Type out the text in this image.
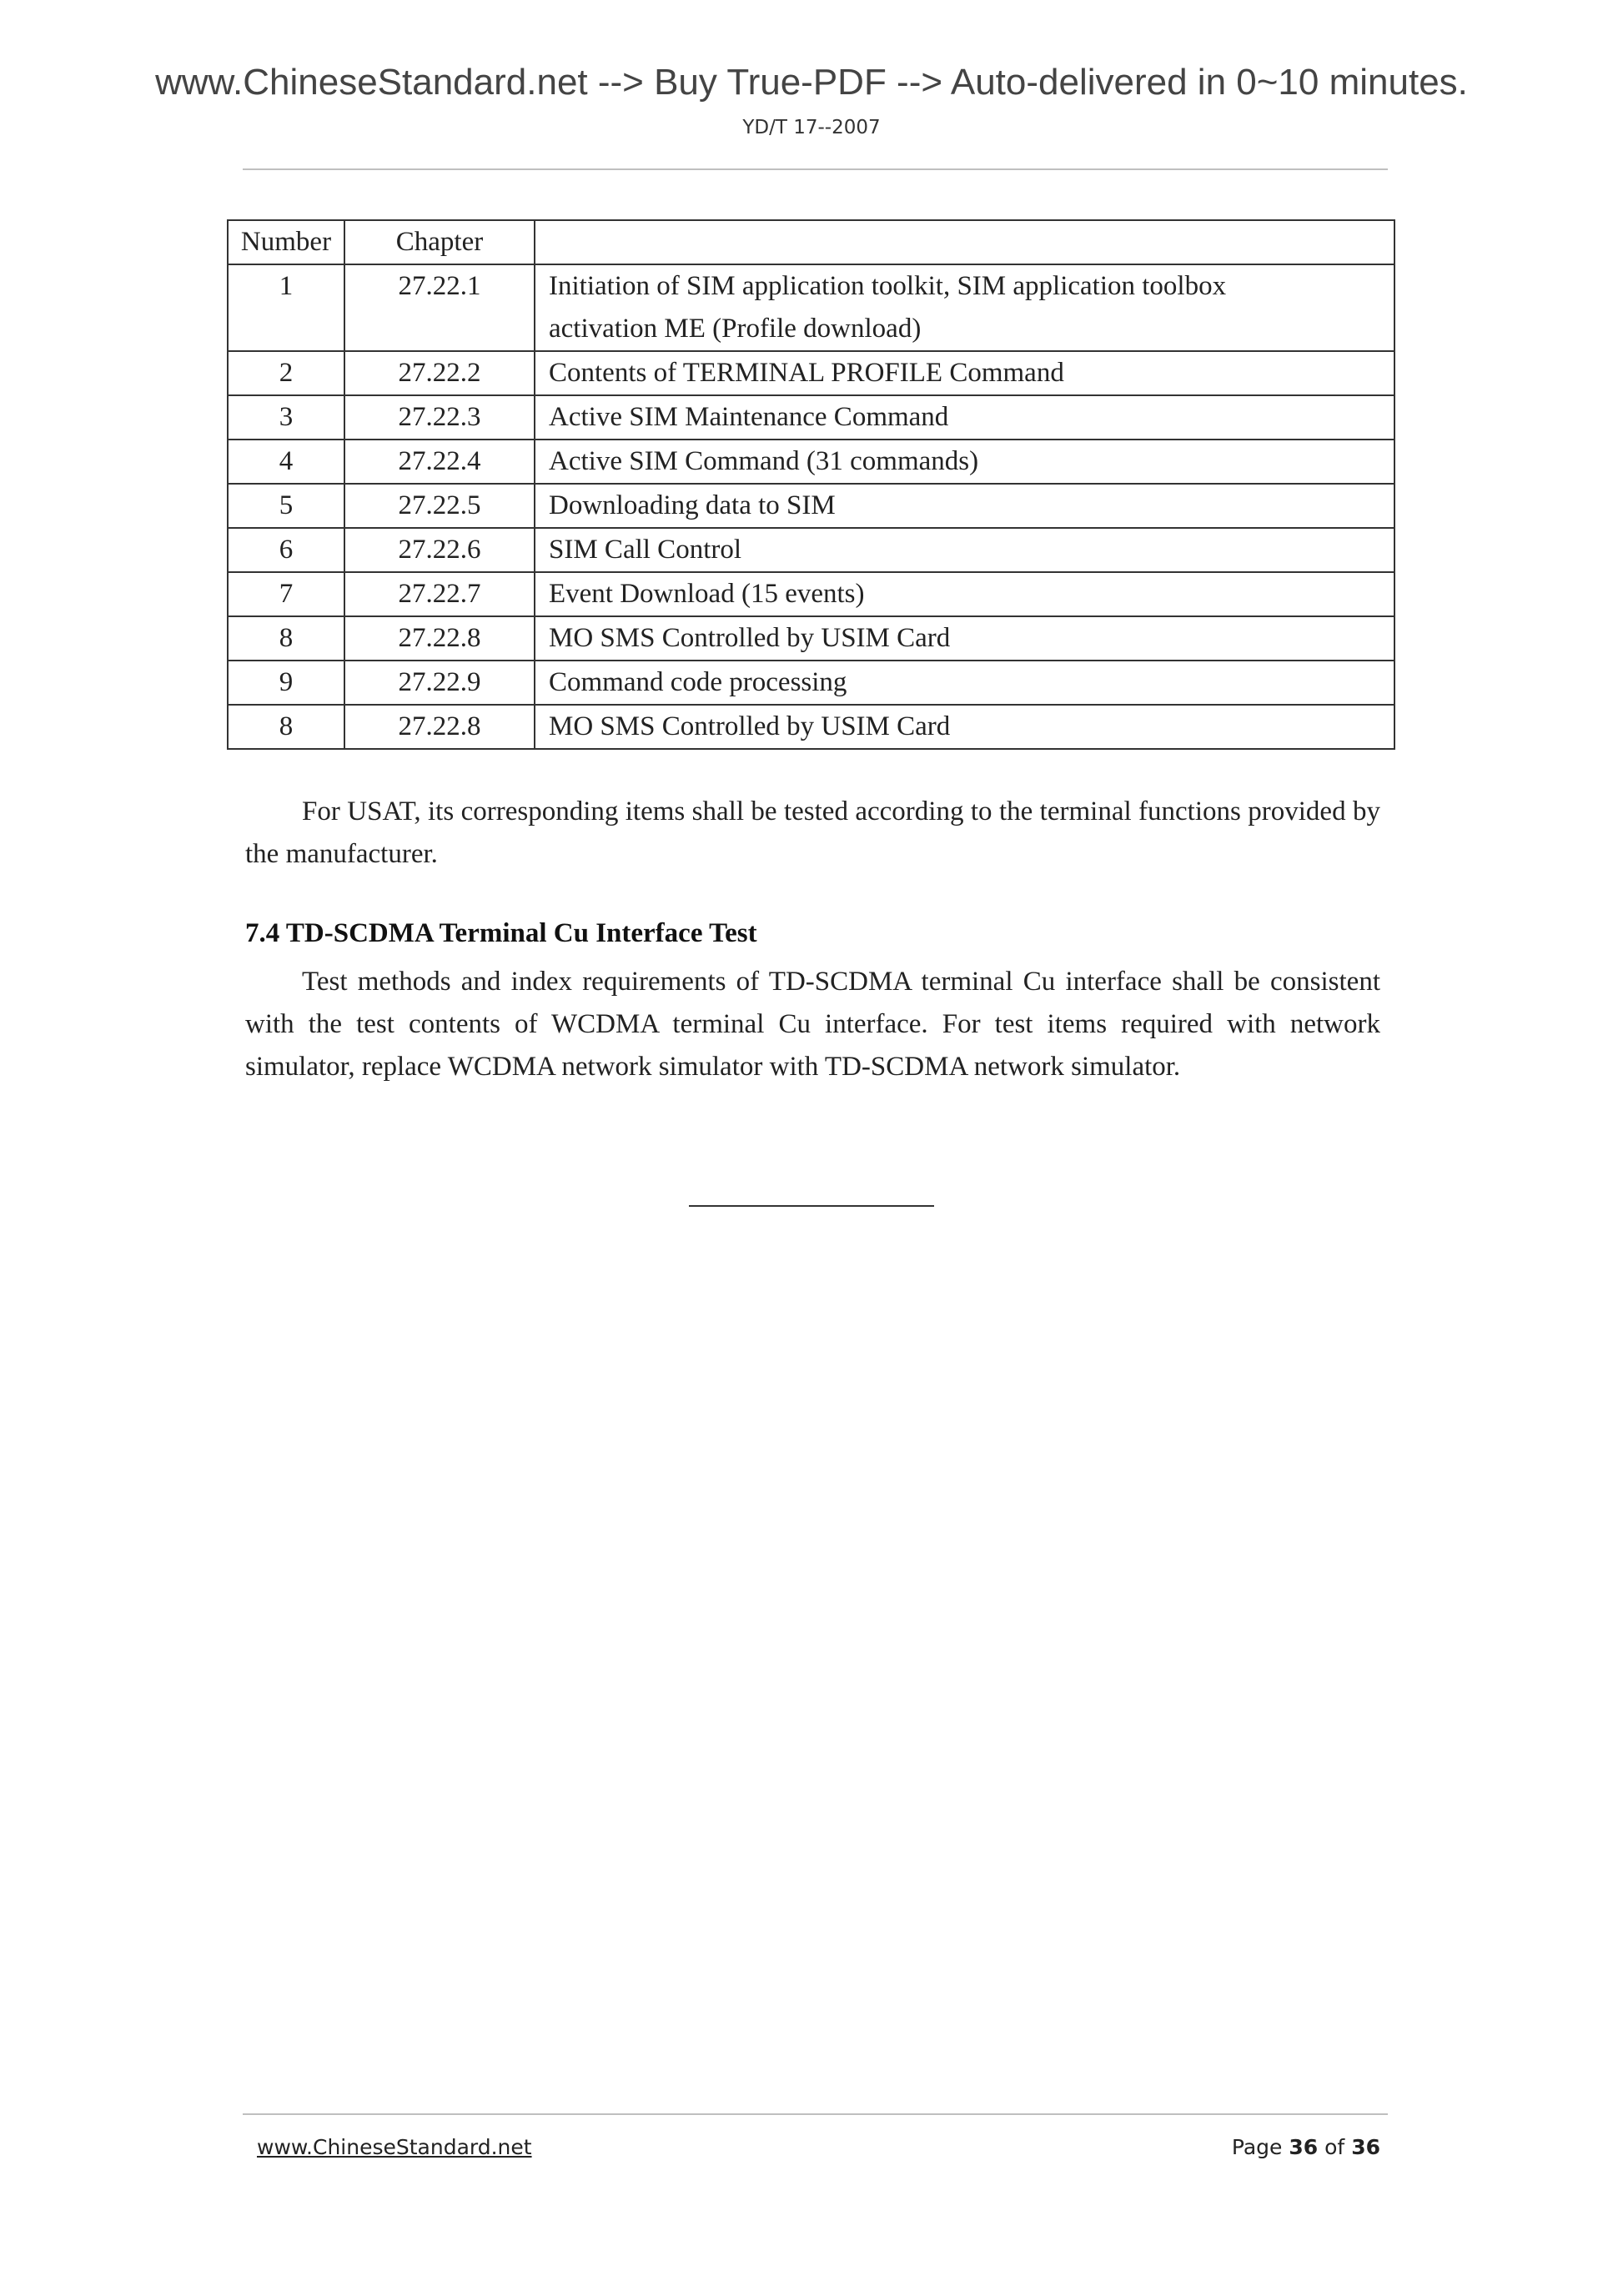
www.ChineseStandard.net --> Buy True-PDF --> Auto-delivered in 0~10 minutes.
YD/T 17--2007
Number	Chapter	
1	27.22.1	Initiation of SIM application toolkit, SIM application toolbox
activation ME (Profile download)

2	27.22.2	Contents of TERMINAL PROFILE Command
3	27.22.3	Active SIM Maintenance Command
4	27.22.4	Active SIM Command (31 commands)
5	27.22.5	Downloading data to SIM
6	27.22.6	SIM Call Control
7	27.22.7	Event Download (15 events)
8	27.22.8	MO SMS Controlled by USIM Card
9	27.22.9	Command code processing
8	27.22.8	MO SMS Controlled by USIM Card

For USAT, its corresponding items shall be tested according to the terminal functions provided by the manufacturer.

7.4 TD-SCDMA Terminal Cu Interface Test

Test methods and index requirements of TD-SCDMA terminal Cu interface shall be consistent with the test contents of WCDMA terminal Cu interface. For test items required with network simulator, replace WCDMA network simulator with TD-SCDMA network simulator.

www.ChineseStandard.net	Page 36 of 36
